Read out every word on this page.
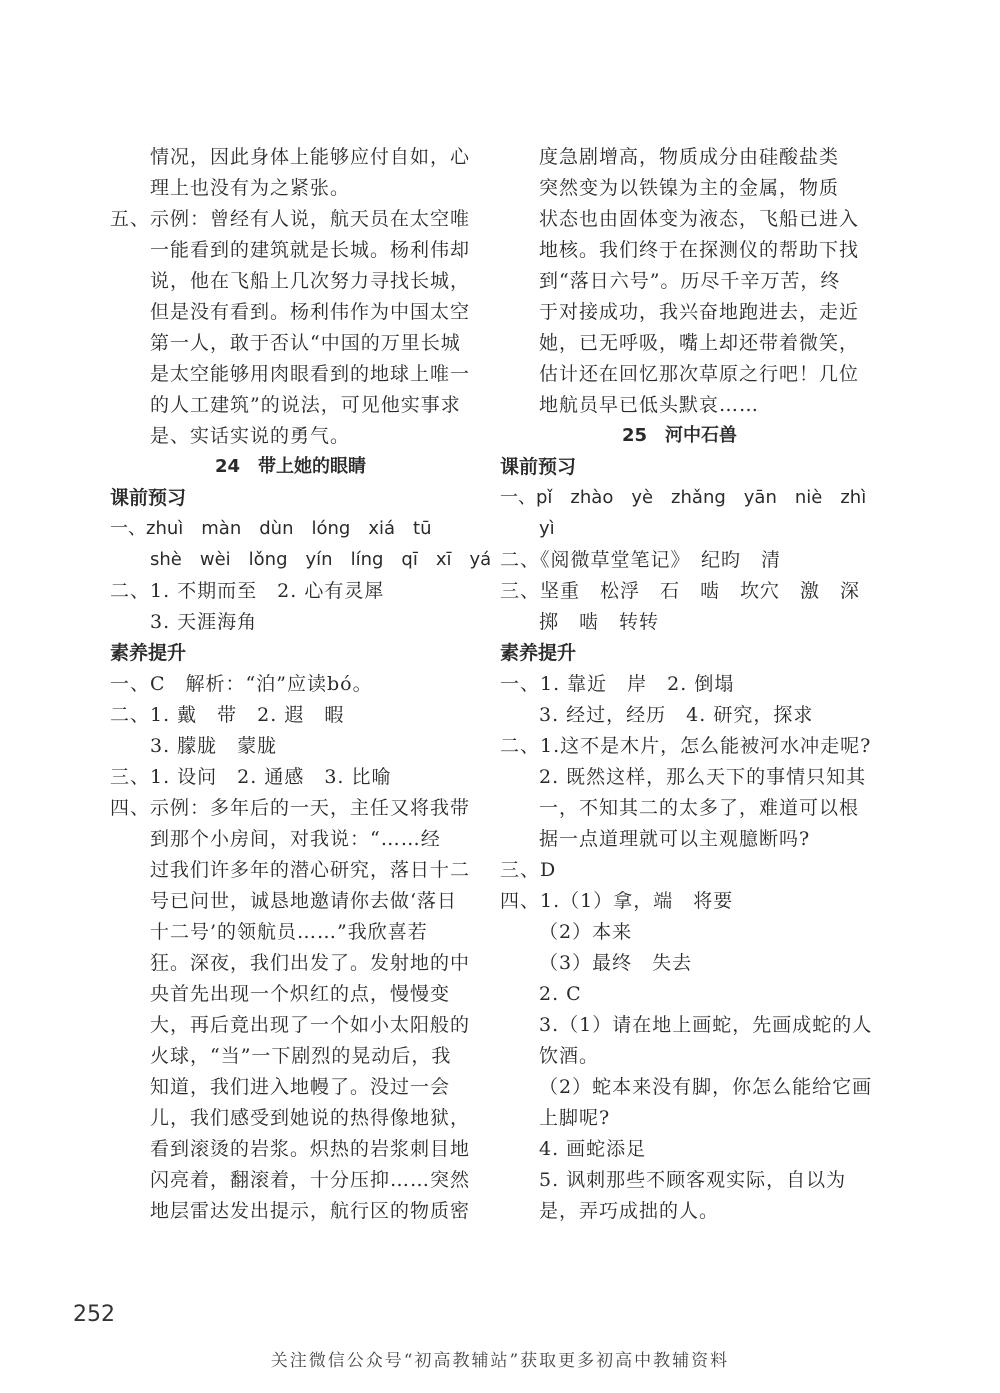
情况，因此身体上能够应付自如，心
理上也没有为之紧张。
五、示例：曾经有人说，航天员在太空唯
一能看到的建筑就是长城。杨利伟却
说，他在飞船上几次努力寻找长城，
但是没有看到。杨利伟作为中国太空
第一人，敢于否认“中国的万里长城
是太空能够用肉眼看到的地球上唯一
的人工建筑”的说法，可见他实事求
是、实话实说的勇气。
24　带上她的眼睛
课前预习
一、zhuì　màn　dùn　lóng　xiá　tū
shè　wèi　lǒng　yín　líng　qī　xī　yá
二、1. 不期而至　2. 心有灵犀
3. 天涯海角
素养提升
一、C　解析：“泊”应读bó。
二、1. 戴　带　2. 遐　暇
3. 朦胧　蒙胧
三、1. 设问　2. 通感　3. 比喻
四、示例：多年后的一天，主任又将我带
到那个小房间，对我说：“……经
过我们许多年的潜心研究，落日十二
号已问世，诚恳地邀请你去做‘落日
十二号’的领航员……”我欣喜若
狂。深夜，我们出发了。发射地的中
央首先出现一个炽红的点，慢慢变
大，再后竟出现了一个如小太阳般的
火球，“当”一下剧烈的晃动后，我
知道，我们进入地幔了。没过一会
儿，我们感受到她说的热得像地狱，
看到滚烫的岩浆。炽热的岩浆刺目地
闪亮着，翻滚着，十分压抑……突然
地层雷达发出提示，航行区的物质密
度急剧增高，物质成分由硅酸盐类
突然变为以铁镍为主的金属，物质
状态也由固体变为液态，飞船已进入
地核。我们终于在探测仪的帮助下找
到“落日六号”。历尽千辛万苦，终
于对接成功，我兴奋地跑进去，走近
她，已无呼吸，嘴上却还带着微笑，
估计还在回忆那次草原之行吧！几位
地航员早已低头默哀……
25　河中石兽
课前预习
一、pǐ　zhào　yè　zhǎng　yān　niè　zhì
yì
二、《阅微草堂笔记》　纪昀　清
三、坚重　松浮　石　啮　坎穴　激　深
掷　啮　转转
素养提升
一、1. 靠近　岸　2. 倒塌
3. 经过，经历　4. 研究，探求
二、1.这不是木片，怎么能被河水冲走呢?
2. 既然这样，那么天下的事情只知其
一，不知其二的太多了，难道可以根
据一点道理就可以主观臆断吗?
三、D
四、1.（1）拿，端　将要
（2）本来
（3）最终　失去
2. C
3.（1）请在地上画蛇，先画成蛇的人
饮酒。
（2）蛇本来没有脚，你怎么能给它画
上脚呢?
4. 画蛇添足
5. 讽刺那些不顾客观实际，自以为
是，弄巧成拙的人。
252
关注微信公众号“初高教辅站”获取更多初高中教辅资料
